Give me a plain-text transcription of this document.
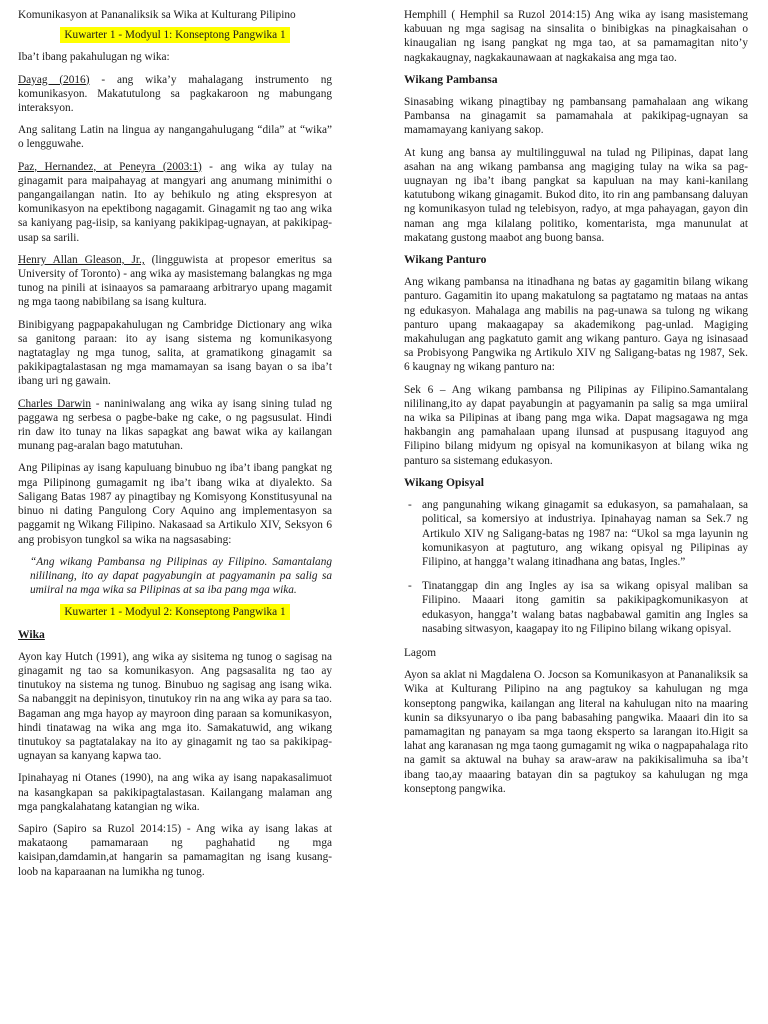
Komunikasyon at Pananaliksik sa Wika at Kulturang Pilipino

Kuwarter 1 - Modyul 1: Konseptong Pangwika 1

Iba’t ibang pakahulugan ng wika:

Dayag (2016) - ang wika’y mahalagang instrumento ng komunikasyon. Makatutulong sa pagkakaroon ng mabungang interaksyon.

Ang salitang Latin na lingua ay nangangahulugang “dila” at “wika” o lengguwahe.

Paz, Hernandez, at Peneyra (2003:1) - ang wika ay tulay na ginagamit para maipahayag at mangyari ang anumang minimithi o pangangailangan natin. Ito ay behikulo ng ating ekspresyon at komunikasyon na epektibong nagagamit. Ginagamit ng tao ang wika sa kaniyang pag-iisip, sa kaniyang pakikipag-ugnayan, at pakikipag-usap sa sarili.

Henry Allan Gleason, Jr., (lingguwista at propesor emeritus sa University of Toronto) - ang wika ay masistemang balangkas ng mga tunog na pinili at isinaayos sa pamaraang arbitraryo upang magamit ng mga taong nabibilang sa isang kultura.

Binibigyang pagpapakahulugan ng Cambridge Dictionary ang wika sa ganitong paraan: ito ay isang sistema ng komunikasyong nagtataglay ng mga tunog, salita, at gramatikong ginagamit sa pakikipagtalastasan ng mga mamamayan sa isang bayan o sa iba’t ibang uri ng gawain.

Charles Darwin - naniniwalang ang wika ay isang sining tulad ng paggawa ng serbesa o pagbe-bake ng cake, o ng pagsusulat. Hindi rin daw ito tunay na likas sapagkat ang bawat wika ay kailangan munang pag-aralan bago matutuhan.

Ang Pilipinas ay isang kapuluang binubuo ng iba’t ibang pangkat ng mga Pilipinong gumagamit ng iba’t ibang wika at diyalekto. Sa Saligang Batas 1987 ay pinagtibay ng Komisyong Konstitusyunal na binuo ni dating Pangulong Cory Aquino ang implementasyon sa paggamit ng Wikang Filipino. Nakasaad sa Artikulo XIV, Seksyon 6 ang probisyon tungkol sa wika na nagsasabing:

“Ang wikang Pambansa ng Pilipinas ay Filipino. Samantalang nililinang, ito ay dapat pagyabungin at pagyamanin pa salig sa umiiral na mga wika sa Pilipinas at sa iba pang mga wika.

Kuwarter 1 - Modyul 2: Konseptong Pangwika 1
Wika

Ayon kay Hutch (1991), ang wika ay sisitema ng tunog o sagisag na ginagamit ng tao sa komunikasyon. Ang pagsasalita ng tao ay tinutukoy na sistema ng tunog. Binubuo ng sagisag ang isang wika. Sa nabanggit na depinisyon, tinutukoy rin na ang wika ay para sa tao. Bagaman ang mga hayop ay mayroon ding paraan sa komunikasyon, hindi tinatawag na wika ang mga ito. Samakatuwid, ang wikang tinutukoy sa pagtatalakay na ito ay ginagamit ng tao sa pakikipag-ugnayan sa kanyang kapwa tao.

Ipinahayag ni Otanes (1990), na ang wika ay isang napakasalimuot na kasangkapan sa pakikipagtalastasan. Kailangang malaman ang mga pangkalahatang katangian ng wika.

Sapiro (Sapiro sa Ruzol 2014:15) - Ang wika ay isang lakas at makataong pamamaraan ng paghahatid ng mga kaisipan,damdamin,at hangarin sa pamamagitan ng isang kusang-loob na kaparaanan na lumikha ng tunog.

Hemphill ( Hemphil sa Ruzol 2014:15) Ang wika ay isang masistemang kabuuan ng mga sagisag na sinsalita o binibigkas na pinagkaisahan o kinaugalian ng isang pangkat ng mga tao, at sa pamamagitan nito’y nagkakaugnay, nagkakaunawaan at nagkakaisa ang mga tao.

Wikang Pambansa

Sinasabing wikang pinagtibay ng pambansang pamahalaan ang wikang Pambansa na ginagamit sa pamamahala at pakikipag-ugnayan sa mamamayang kaniyang sakop.

At kung ang bansa ay multilingguwal na tulad ng Pilipinas, dapat lang asahan na ang wikang pambansa ang magiging tulay na wika sa pag-uugnayan ng iba’t ibang pangkat sa kapuluan na may kani-kanilang katutubong wikang ginagamit. Bukod dito, ito rin ang pambansang daluyan ng komunikasyon tulad ng telebisyon, radyo, at mga pahayagan, gayon din naman ang mga kilalang politiko, komentarista, mga manunulat at makatang gustong maabot ang buong bansa.

Wikang Panturo

Ang wikang pambansa na itinadhana ng batas ay gagamitin bilang wikang panturo. Gagamitin ito upang makatulong sa pagtatamo ng mataas na antas ng edukasyon. Mahalaga ang mabilis na pag-unawa sa tulong ng wikang panturo upang makaagapay sa akademikong pag-unlad. Magiging makahulugan ang pagkatuto gamit ang wikang panturo. Gaya ng isinasaad sa Probisyong Pangwika ng Artikulo XIV ng Saligang-batas ng 1987, Sek. 6 kaugnay ng wikang panturo na:

Sek 6 – Ang wikang pambansa ng Pilipinas ay Filipino.Samantalang nililinang,ito ay dapat payabungin at pagyamanin pa salig sa mga umiiral na wika sa Pilipinas at ibang pang mga wika. Dapat magsagawa ng mga hakbangin ang pamahalaan upang ilunsad at puspusang itaguyod ang Filipino bilang midyum ng opisyal na komunikasyon at bilang wika ng panturo sa sistemang edukasyon.

Wikang Opisyal
- ang pangunahing wikang ginagamit sa edukasyon, sa pamahalaan, sa political, sa komersiyo at industriya. Ipinahayag naman sa Sek.7 ng Artikulo XIV ng Saligang-batas ng 1987 na: “Ukol sa mga layunin ng komunikasyon at pagtuturo, ang wikang opisyal ng Pilipinas ay Filipino, at hangga’t walang itinadhana ang batas, Ingles.”
- Tinatanggap din ang Ingles ay isa sa wikang opisyal maliban sa Filipino. Maaari itong gamitin sa pakikipagkomunikasyon at edukasyon, hangga’t walang batas nagbabawal gamitin ang Ingles sa nasabing sitwasyon, kaagapay ito ng Filipino bilang wikang opisyal.

Lagom

Ayon sa aklat ni Magdalena O. Jocson sa Komunikasyon at Pananaliksik sa Wika at Kulturang Pilipino na ang pagtukoy sa kahulugan ng mga konseptong pangwika, kailangan ang literal na kahulugan nito na maaring kunin sa diksyunaryo o iba pang babasahing pangwika. Maaari din ito sa pamamagitan ng panayam sa mga taong eksperto sa larangan ito.Higit sa lahat ang karanasan ng mga taong gumagamit ng wika o nagpapahalaga rito na gamit sa aktuwal na buhay sa araw-araw na pakikisalimuha sa iba’t ibang tao,ay maaaring batayan din sa pagtukoy sa kahulugan ng mga konseptong pangwika.
